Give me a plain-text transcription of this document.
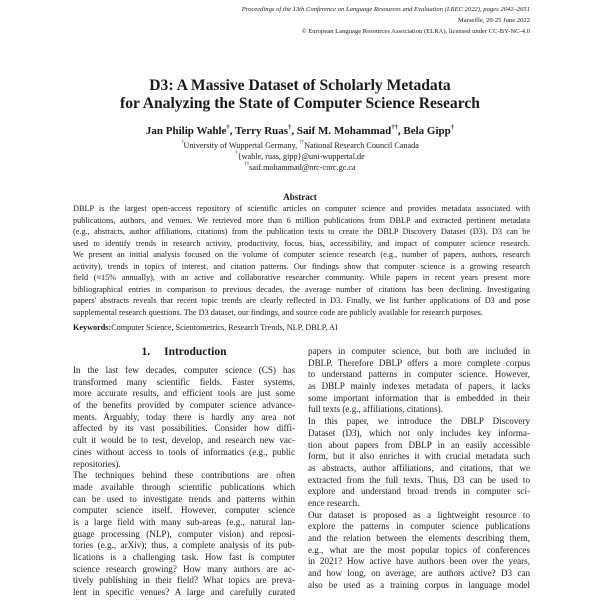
Proceedings of the 13th Conference on Language Resources and Evaluation (LREC 2022), pages 2642–2651
Marseille, 20-25 June 2022
© European Language Resources Association (ELRA), licensed under CC-BY-NC-4.0
D3: A Massive Dataset of Scholarly Metadata
for Analyzing the State of Computer Science Research
Jan Philip Wahle†, Terry Ruas†, Saif M. Mohammad††, Bela Gipp†
†University of Wuppertal Germany, ††National Research Council Canada
†{wahle, ruas, gipp}@uni-wuppertal.de
††saif.mohammad@nrc-cnrc.gc.ca
Abstract
DBLP is the largest open-access repository of scientific articles on computer science and provides metadata associated with
publications, authors, and venues. We retrieved more than 6 million publications from DBLP and extracted pertinent metadata
(e.g., abstracts, author affiliations, citations) from the publication texts to create the DBLP Discovery Dataset (D3). D3 can be
used to identify trends in research activity, productivity, focus, bias, accessibility, and impact of computer science research.
We present an initial analysis focused on the volume of computer science research (e.g., number of papers, authors, research
activity), trends in topics of interest, and citation patterns. Our findings show that computer science is a growing research
field (≈15% annually), with an active and collaborative researcher community. While papers in recent years present more
bibliographical entries in comparison to previous decades, the average number of citations has been declining. Investigating
papers' abstracts reveals that recent topic trends are clearly reflected in D3. Finally, we list further applications of D3 and pose
supplemental research questions. The D3 dataset, our findings, and source code are publicly available for research purposes.
Keywords:Computer Science, Scientometrics, Research Trends, NLP, DBLP, AI
1. Introduction
In the last few decades, computer science (CS) has
transformed many scientific fields. Faster systems,
more accurate results, and efficient tools are just some
of the benefits provided by computer science advance-
ments. Arguably, today there is hardly any area not
affected by its vast possibilities. Consider how diffi-
cult it would be to test, develop, and research new vac-
cines without access to tools of informatics (e.g., public
repositories).
The techniques behind these contributions are often
made available through scientific publications which
can be used to investigate trends and patterns within
computer science itself. However, computer science
is a large field with many sub-areas (e.g., natural lan-
guage processing (NLP), computer vision) and reposi-
tories (e.g., arXiv); thus, a complete analysis of its pub-
lications is a challenging task. How fast is computer
science research growing? How many authors are ac-
tively publishing in their field? What topics are preva-
lent in specific venues? A large and carefully curated
papers in computer science, but both are included in
DBLP. Therefore DBLP offers a more complete corpus
to understand patterns in computer science. However,
as DBLP mainly indexes metadata of papers, it lacks
some important information that is embedded in their
full texts (e.g., affiliations, citations).
In this paper, we introduce the DBLP Discovery
Dataset (D3), which not only includes key informa-
tion about papers from DBLP in an easily accessible
form, but it also enriches it with crucial metadata such
as abstracts, author affiliations, and citations, that we
extracted from the full texts. Thus, D3 can be used to
explore and understand broad trends in computer sci-
ence research.
Our dataset is proposed as a lightweight resource to
explore the patterns in computer science publications
and the relation between the elements describing them,
e.g., what are the most popular topics of conferences
in 2021? How active have authors been over the years,
and how long, on average, are authors active? D3 can
also be used as a training corpus in language model
